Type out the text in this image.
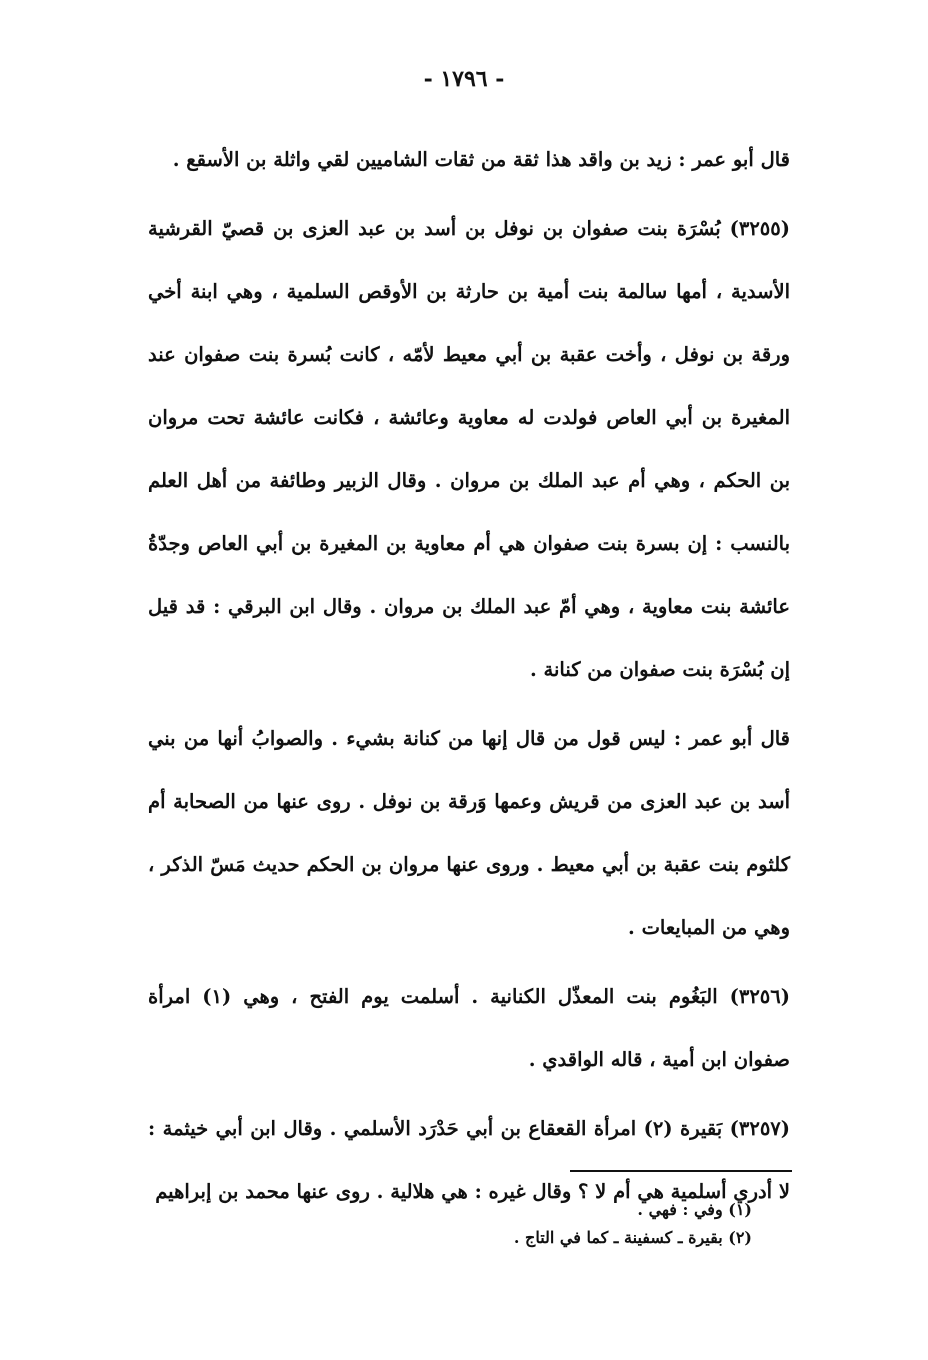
- ١٧٩٦ -

قال أبو عمر : زيد بن واقد هذا ثقة من ثقات الشاميين لقي واثلة بن الأسقع .

(٣٢٥٥) بُسْرَة بنت صفوان بن نوفل بن أسد بن عبد العزى بن قصيّ القرشية الأسدية ، أمها سالمة بنت أمية بن حارثة بن الأوقص السلمية ، وهي ابنة أخي ورقة بن نوفل ، وأخت عقبة بن أبي معيط لأمّه ، كانت بُسرة بنت صفوان عند المغيرة بن أبي العاص فولدت له معاوية وعائشة ، فكانت عائشة تحت مروان بن الحكم ، وهي أم عبد الملك بن مروان . وقال الزبير وطائفة من أهل العلم بالنسب : إن بسرة بنت صفوان هي أم معاوية بن المغيرة بن أبي العاص وجدّةُ عائشة بنت معاوية ، وهي أمّ عبد الملك بن مروان . وقال ابن البرقي : قد قيل إن بُسْرَة بنت صفوان من كنانة .

قال أبو عمر : ليس قول من قال إنها من كنانة بشيء . والصوابُ أنها من بني أسد بن عبد العزى من قريش وعمها وَرقة بن نوفل . روى عنها من الصحابة أم كلثوم بنت عقبة بن أبي معيط . وروى عنها مروان بن الحكم حديث مَسّ الذكر ، وهي من المبايعات .

(٣٢٥٦) البَغُوم بنت المعذّل الكنانية . أسلمت يوم الفتح ، وهي (١) امرأة صفوان ابن أمية ، قاله الواقدي .

(٣٢٥٧) بَقيرة (٢) امرأة القعقاع بن أبي حَدْرَد الأسلمي . وقال ابن أبي خيثمة : لا أدري أسلمية هي أم لا ؟ وقال غيره : هي هلالية . روى عنها محمد بن إبراهيم

(١) وفي : فهي .

(٢) بقيرة ـ كسفينة ـ كما في التاج .
